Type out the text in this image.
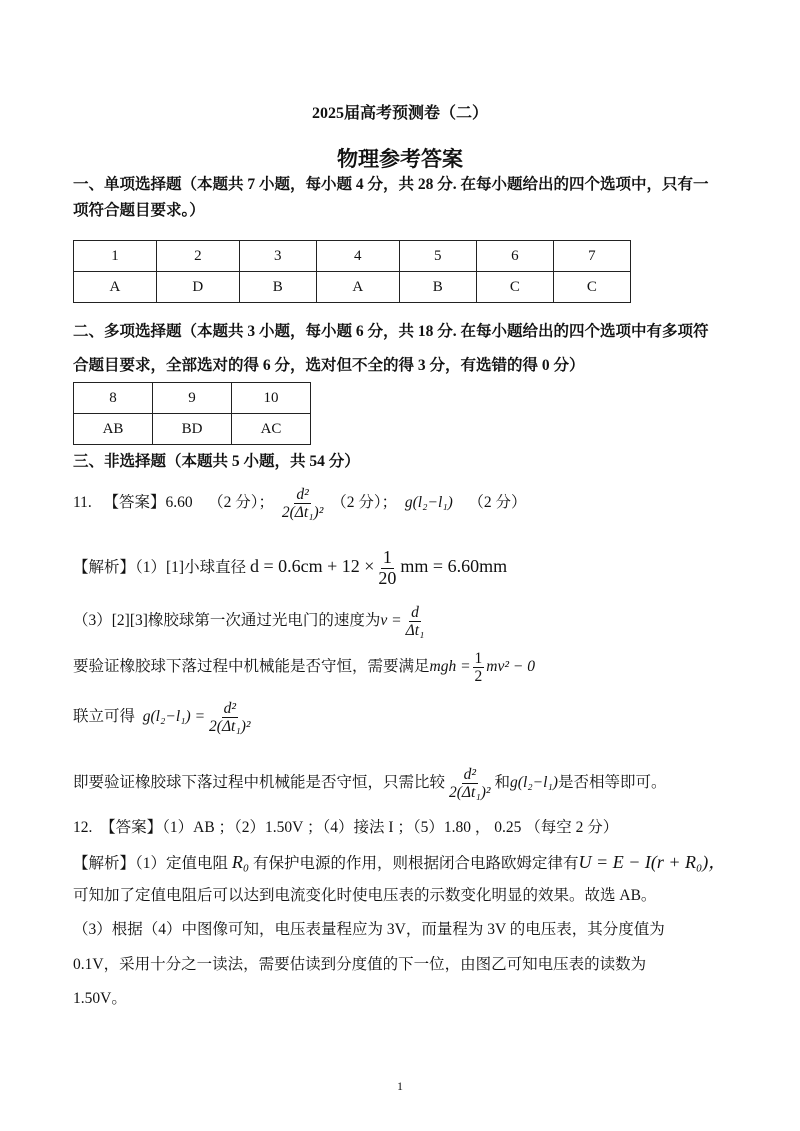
2025届高考预测卷（二）
物理参考答案
一、单项选择题（本题共 7 小题，每小题 4 分，共 28 分. 在每小题给出的四个选项中，只有一
项符合题目要求。）
1	2	3	4	5	6	7
A	D	B	A	B	C	C
二、多项选择题（本题共 3 小题，每小题 6 分，共 18 分. 在每小题给出的四个选项中有多项符
合题目要求，全部选对的得 6 分，选对但不全的得 3 分，有选错的得 0 分）
8	9	10
AB	BD	AC
三、非选择题（本题共 5 小题，共 54 分）
11. 【答案】6.60 （2 分）； $\frac{\text{d²}}{\text{2(Δt₁)²}} (2$ 分）； g(l₂−l₁) （2 分）
【解析】（1）[1]小球直径 $d = 0.6cm + 12 \times \frac{1}{20}$ mm = 6.60mm
（3）[2][3]橡胶球第一次通过光电门的速度为$v = \frac{d}{\text{Δt₁}}$
要验证橡胶球下落过程中机械能是否守恒，需要满足mgh = $\frac{1}{2} mv^2 - 0$
联立可得 $g(l_2-l_1) = \frac{\text{d²}}{\text{2(Δt₁)²}}$
即要验证橡胶球下落过程中机械能是否守恒，只需比较 $\frac{\text{d²}}{\text{2(Δt₁)²}}$ 和g(l₂−l₁)是否相等即可。
12. 【答案】（1）AB ；（2）1.50V ；（4）接法 I ；（5）1.80 ， 0.25 （每空 2 分）
【解析】（1）定值电阻 R₀ 有保护电源的作用，则根据闭合电路欧姆定律有U = E − I(r + R₀)，
可知加了定值电阻后可以达到电流变化时使电压表的示数变化明显的效果。故选 AB。
（3）根据（4）中图像可知，电压表量程应为 3V，而量程为 3V 的电压表，其分度值为
0.1V，采用十分之一读法，需要估读到分度值的下一位，由图乙可知电压表的读数为
1.50V。
1
